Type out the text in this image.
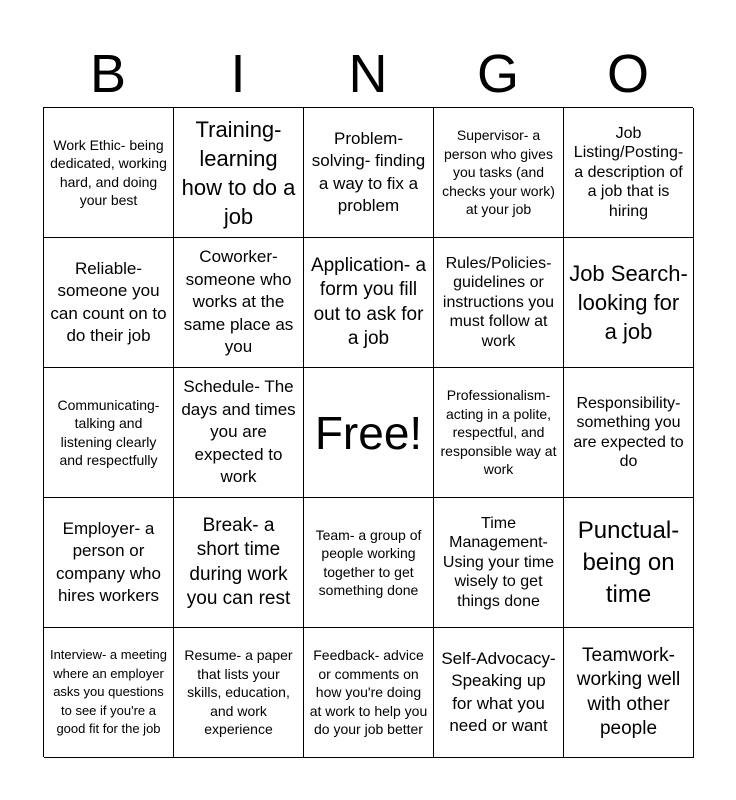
B	I	N	G	O
Work Ethic- being dedicated, working hard, and doing your best
Training- learning how to do a job
Problem-solving- finding a way to fix a problem
Supervisor- a person who gives you tasks (and checks your work) at your job
Job Listing/Posting- a description of a job that is hiring
Reliable- someone you can count on to do their job
Coworker- someone who works at the same place as you
Application- a form you fill out to ask for a job
Rules/Policies- guidelines or instructions you must follow at work
Job Search- looking for a job
Communicating- talking and listening clearly and respectfully
Schedule- The days and times you are expected to work
Free!
Professionalism- acting in a polite, respectful, and responsible way at work
Responsibility- something you are expected to do
Employer- a person or company who hires workers
Break- a short time during work you can rest
Team- a group of people working together to get something done
Time Management- Using your time wisely to get things done
Punctual- being on time
Interview- a meeting where an employer asks you questions to see if you're a good fit for the job
Resume- a paper that lists your skills, education, and work experience
Feedback- advice or comments on how you're doing at work to help you do your job better
Self-Advocacy- Speaking up for what you need or want
Teamwork- working well with other people
